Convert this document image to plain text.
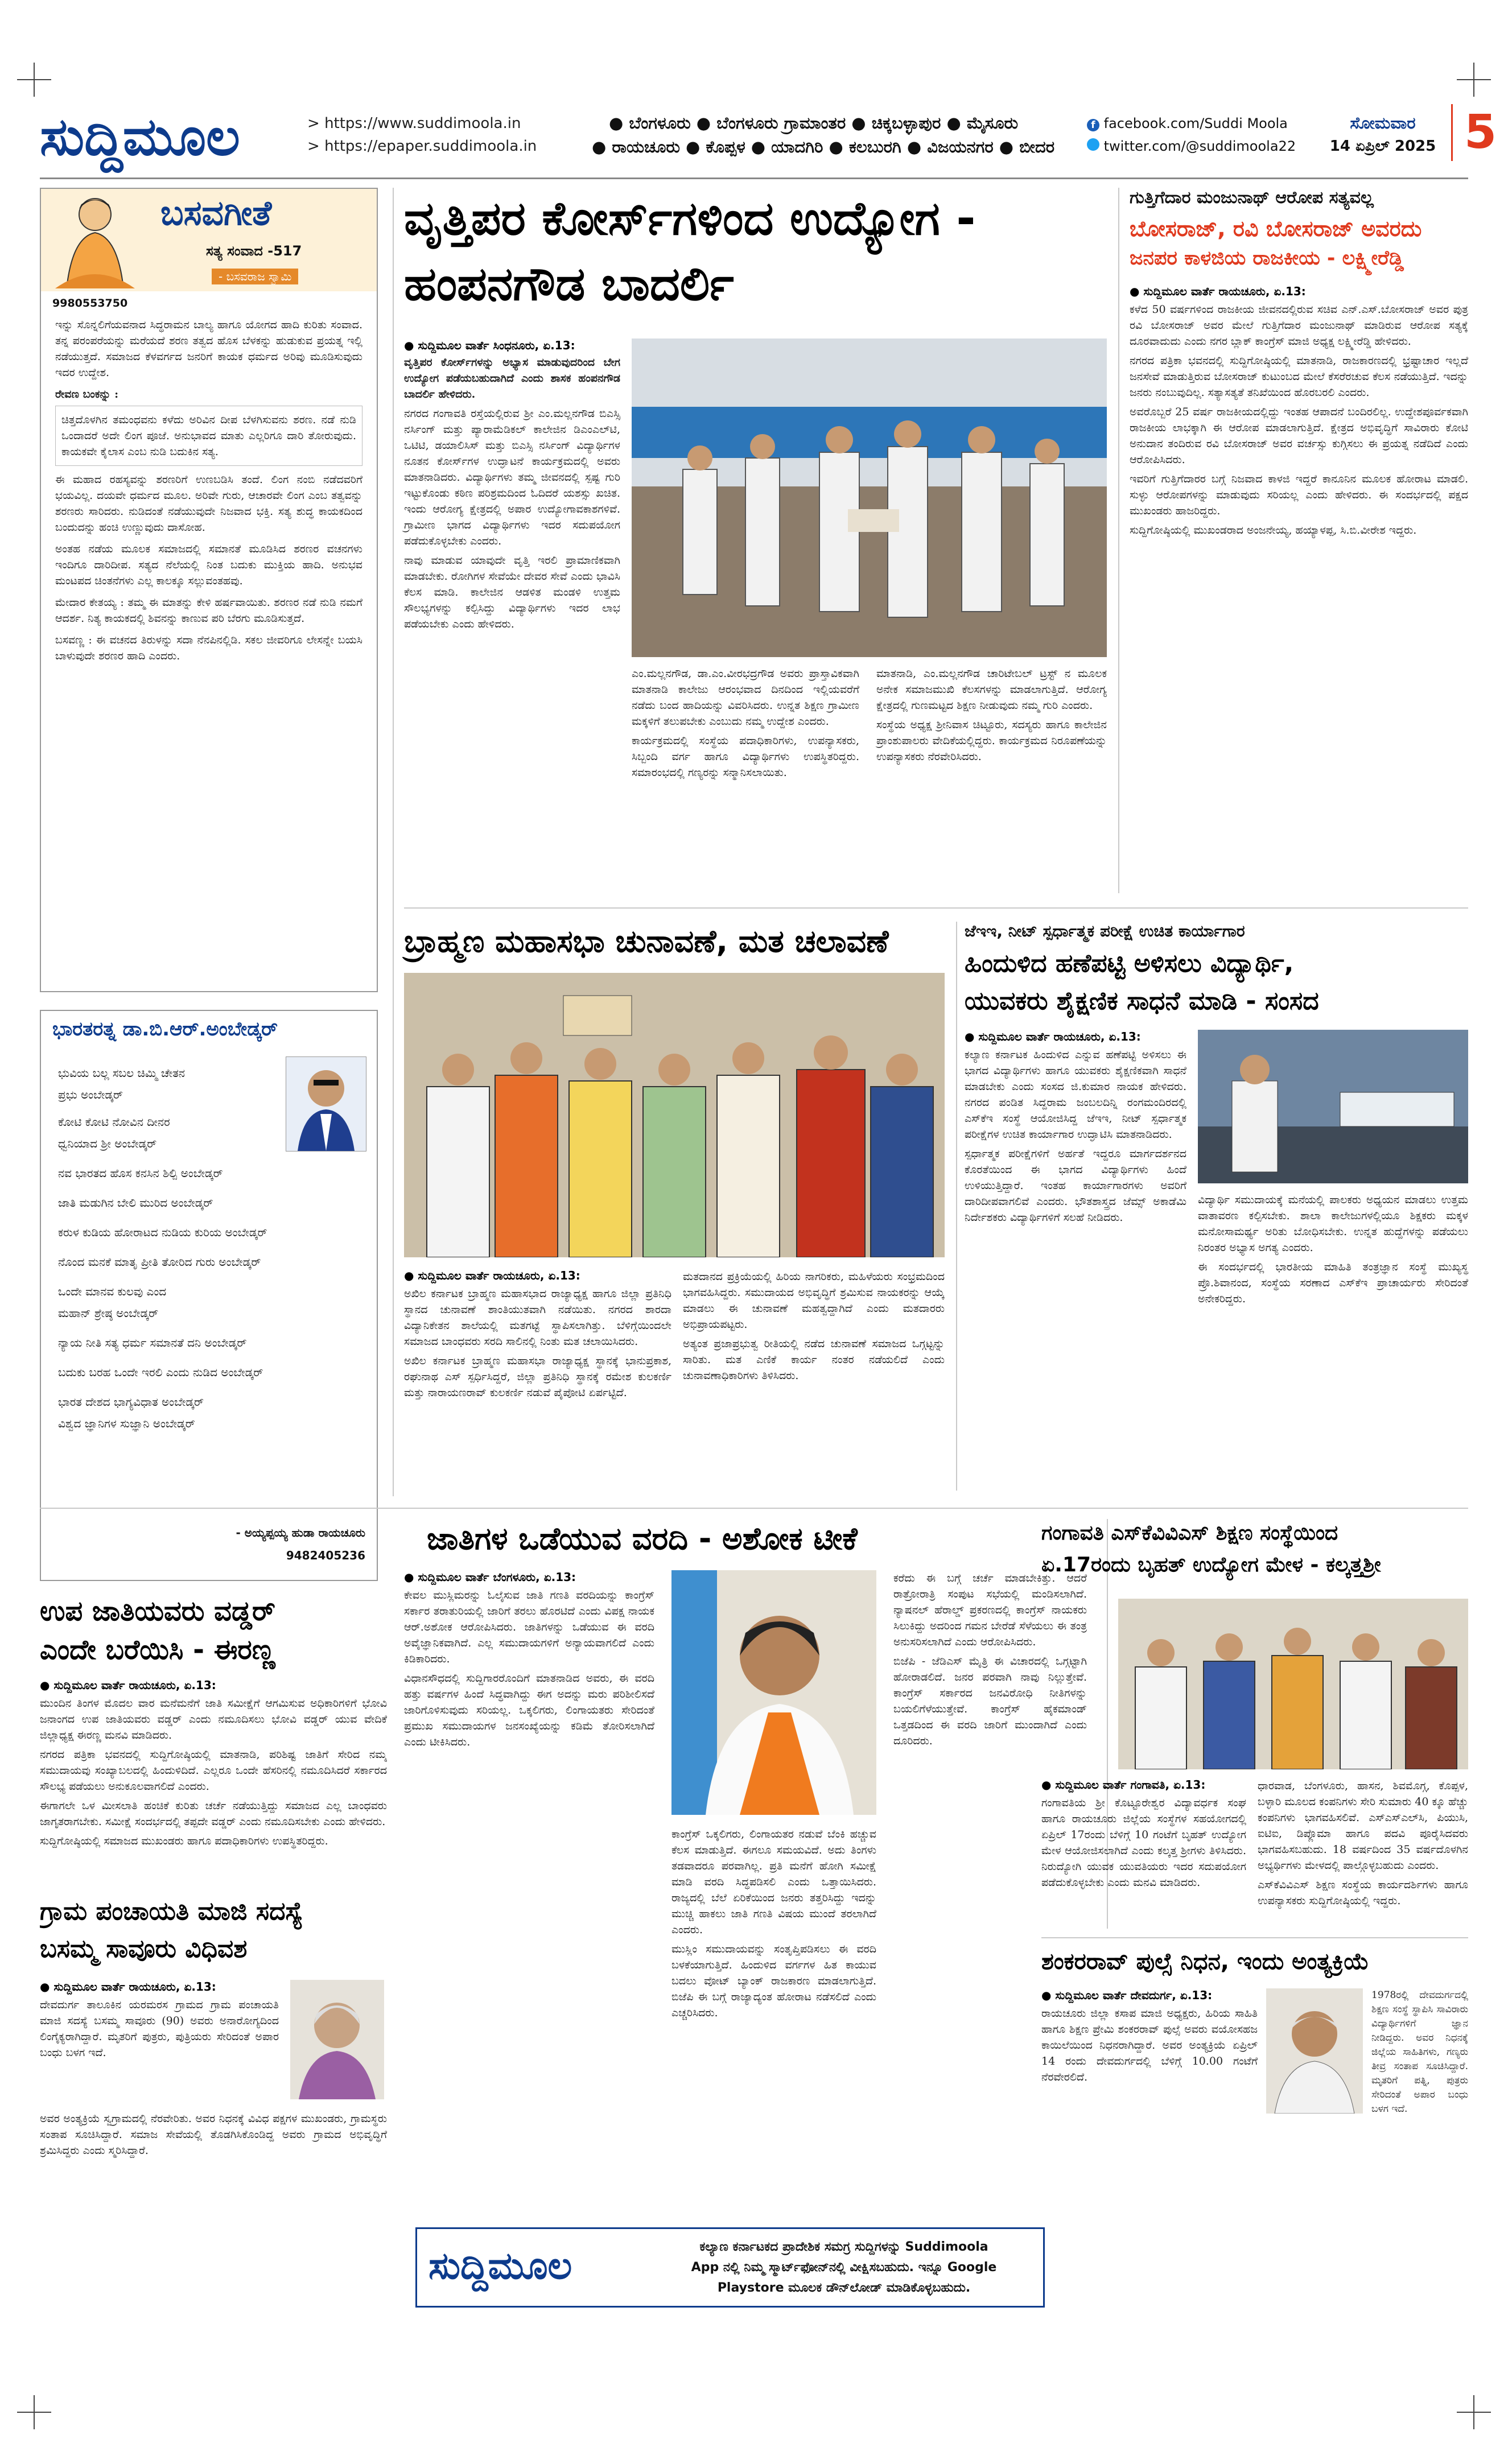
ಸುದ್ದಿಮೂಲ	> https://www.suddimoola.in
> https://epaper.suddimoola.in
● ಬೆಂಗಳೂರು ● ಬೆಂಗಳೂರು ಗ್ರಾಮಾಂತರ ● ಚಿಕ್ಕಬಳ್ಳಾಪುರ ● ಮೈಸೂರು
● ರಾಯಚೂರು ● ಕೊಪ್ಪಳ ● ಯಾದಗಿರಿ ● ಕಲಬುರಗಿ ● ವಿಜಯನಗರ ● ಬೀದರ
f facebook.com/Suddi Moola
twitter.com/@suddimoola22
ಸೋಮವಾರ
14 ಏಪ್ರಿಲ್ 2025 5
ಬಸವಗೀತೆ
ಸತ್ಯ ಸಂವಾದ -517
- ಬಸವರಾಜ ಸ್ವಾಮಿ
9980553750

ಇನ್ನು ಸೊನ್ನಲಿಗೆಯವನಾದ ಸಿದ್ಧರಾಮನ ಬಾಲ್ಯ ಹಾಗೂ ಯೋಗದ ಹಾದಿ ಕುರಿತು ಸಂವಾದ. ತನ್ನ ಪರಂಪರೆಯನ್ನು ಮರೆಯದೆ ಶರಣ ತತ್ವದ ಹೊಸ ಬೆಳಕನ್ನು ಹುಡುಕುವ ಪ್ರಯತ್ನ ಇಲ್ಲಿ ನಡೆಯುತ್ತದೆ. ಸಮಾಜದ ಕೆಳವರ್ಗದ ಜನರಿಗೆ ಕಾಯಕ ಧರ್ಮದ ಅರಿವು ಮೂಡಿಸುವುದು ಇದರ ಉದ್ದೇಶ.

ರೇವಣ ಬಂಕನ್ನು :

ಚಿತ್ತದೊಳಗಿನ ತಮಂಧವನು ಕಳೆದು ಅರಿವಿನ ದೀಪ ಬೆಳಗಿಸುವನು ಶರಣ. ನಡೆ ನುಡಿ ಒಂದಾದರೆ ಅದೇ ಲಿಂಗ ಪೂಜೆ. ಅನುಭಾವದ ಮಾತು ಎಲ್ಲರಿಗೂ ದಾರಿ ತೋರುವುದು. ಕಾಯಕವೇ ಕೈಲಾಸ ಎಂಬ ನುಡಿ ಬದುಕಿನ ಸತ್ಯ.

ಈ ಮಹಾದ ರಹಸ್ಯವನ್ನು ಶರಣರಿಗೆ ಉಣಬಡಿಸಿ ತಂದೆ. ಲಿಂಗ ನಂಬಿ ನಡೆದವರಿಗೆ ಭಯವಿಲ್ಲ. ದಯವೇ ಧರ್ಮದ ಮೂಲ. ಅರಿವೇ ಗುರು, ಆಚಾರವೇ ಲಿಂಗ ಎಂಬ ತತ್ವವನ್ನು ಶರಣರು ಸಾರಿದರು. ನುಡಿದಂತೆ ನಡೆಯುವುದೇ ನಿಜವಾದ ಭಕ್ತಿ. ಸತ್ಯ ಶುದ್ಧ ಕಾಯಕದಿಂದ ಬಂದುದನ್ನು ಹಂಚಿ ಉಣ್ಣುವುದು ದಾಸೋಹ.

ಅಂತಹ ನಡೆಯ ಮೂಲಕ ಸಮಾಜದಲ್ಲಿ ಸಮಾನತೆ ಮೂಡಿಸಿದ ಶರಣರ ವಚನಗಳು ಇಂದಿಗೂ ದಾರಿದೀಪ. ಸತ್ಯದ ನೆಲೆಯಲ್ಲಿ ನಿಂತ ಬದುಕು ಮುಕ್ತಿಯ ಹಾದಿ. ಅನುಭವ ಮಂಟಪದ ಚಿಂತನೆಗಳು ಎಲ್ಲ ಕಾಲಕ್ಕೂ ಸಲ್ಲುವಂತಹವು.

ಮೇದಾರ ಕೇತಯ್ಯ : ತಮ್ಮ ಈ ಮಾತನ್ನು ಕೇಳಿ ಹರ್ಷವಾಯಿತು. ಶರಣರ ನಡೆ ನುಡಿ ನಮಗೆ ಆದರ್ಶ. ನಿತ್ಯ ಕಾಯಕದಲ್ಲಿ ಶಿವನನ್ನು ಕಾಣುವ ಪರಿ ಬೆರಗು ಮೂಡಿಸುತ್ತದೆ.

ಬಸವಣ್ಣ : ಈ ವಚನದ ತಿರುಳನ್ನು ಸದಾ ನೆನಪಿನಲ್ಲಿಡಿ. ಸಕಲ ಜೀವರಿಗೂ ಲೇಸನ್ನೇ ಬಯಸಿ ಬಾಳುವುದೇ ಶರಣರ ಹಾದಿ ಎಂದರು.

ಭಾರತರತ್ನ ಡಾ.ಬಿ.ಆರ್.ಅಂಬೇಡ್ಕರ್
ಭುವಿಯ ಬಲ್ಲ ಸಬಲ ಚಿಮ್ಮಿ ಚೇತನ
ಪ್ರಭು ಅಂಬೇಡ್ಕರ್
ಕೋಟಿ ಕೋಟಿ ನೋವಿನ ದೀನರ
ಧ್ವನಿಯಾದ ಶ್ರೀ ಅಂಬೇಡ್ಕರ್
ನವ ಭಾರತದ ಹೊಸ ಕನಸಿನ ಶಿಲ್ಪಿ ಅಂಬೇಡ್ಕರ್
ಜಾತಿ ಮಡುಗಿನ ಬೇಲಿ ಮುರಿದ ಅಂಬೇಡ್ಕರ್
ಕರುಳ ಕುಡಿಯ ಹೋರಾಟದ ನುಡಿಯ ಕುರಿಯ ಅಂಬೇಡ್ಕರ್
ನೊಂದ ಮನಕೆ ಮಾತೃ ಪ್ರೀತಿ ತೋರಿದ ಗುರು ಅಂಬೇಡ್ಕರ್
ಒಂದೇ ಮಾನವ ಕುಲವು ಎಂದ
ಮಹಾನ್ ಶ್ರೇಷ್ಠ ಅಂಬೇಡ್ಕರ್
ನ್ಯಾಯ ನೀತಿ ಸತ್ಯ ಧರ್ಮ ಸಮಾನತೆ ದನಿ ಅಂಬೇಡ್ಕರ್
ಬದುಕು ಬರಹ ಒಂದೇ ಇರಲಿ ಎಂದು ನುಡಿದ ಅಂಬೇಡ್ಕರ್
ಭಾರತ ದೇಶದ ಭಾಗ್ಯವಿಧಾತ ಅಂಬೇಡ್ಕರ್
ವಿಶ್ವದ ಜ್ಞಾನಿಗಳ ಸುಜ್ಞಾನಿ ಅಂಬೇಡ್ಕರ್
- ಅಯ್ಯಪ್ಪಯ್ಯ ಹುಡಾ ರಾಯಚೂರು
9482405236
ವೃತ್ತಿಪರ ಕೋರ್ಸ್‌ಗಳಿಂದ ಉದ್ಯೋಗ -
ಹಂಪನಗೌಡ ಬಾದರ್ಲಿ
● ಸುದ್ದಿಮೂಲ ವಾರ್ತೆ ಸಿಂಧನೂರು, ಏ.13:
ವೃತ್ತಿಪರ ಕೋರ್ಸ್‌ಗಳನ್ನು ಅಭ್ಯಾಸ ಮಾಡುವುದರಿಂದ ಬೇಗ ಉದ್ಯೋಗ ಪಡೆಯಬಹುದಾಗಿದೆ ಎಂದು ಶಾಸಕ ಹಂಪನಗೌಡ ಬಾದರ್ಲಿ ಹೇಳಿದರು.
ನಗರದ ಗಂಗಾವತಿ ರಸ್ತೆಯಲ್ಲಿರುವ ಶ್ರೀ ಎಂ.ಮಲ್ಲನಗೌಡ ಬಿಎಸ್ಸಿ ನರ್ಸಿಂಗ್ ಮತ್ತು ಪ್ಯಾರಾಮೆಡಿಕಲ್ ಕಾಲೇಜಿನ ಡಿಎಂಎಲ್‌ಟಿ, ಒಟಿಟಿ, ಡಯಾಲಿಸಿಸ್ ಮತ್ತು ಬಿಎಸ್ಸಿ ನರ್ಸಿಂಗ್ ವಿದ್ಯಾರ್ಥಿಗಳ ನೂತನ ಕೋರ್ಸ್‌ಗಳ ಉದ್ಘಾಟನೆ ಕಾರ್ಯಕ್ರಮದಲ್ಲಿ ಅವರು ಮಾತನಾಡಿದರು. ವಿದ್ಯಾರ್ಥಿಗಳು ತಮ್ಮ ಜೀವನದಲ್ಲಿ ಸ್ಪಷ್ಟ ಗುರಿ ಇಟ್ಟುಕೊಂಡು ಕಠಿಣ ಪರಿಶ್ರಮದಿಂದ ಓದಿದರೆ ಯಶಸ್ಸು ಖಚಿತ. ಇಂದು ಆರೋಗ್ಯ ಕ್ಷೇತ್ರದಲ್ಲಿ ಅಪಾರ ಉದ್ಯೋಗಾವಕಾಶಗಳಿವೆ. ಗ್ರಾಮೀಣ ಭಾಗದ ವಿದ್ಯಾರ್ಥಿಗಳು ಇದರ ಸದುಪಯೋಗ ಪಡೆದುಕೊಳ್ಳಬೇಕು ಎಂದರು.
ನಾವು ಮಾಡುವ ಯಾವುದೇ ವೃತ್ತಿ ಇರಲಿ ಪ್ರಾಮಾಣಿಕವಾಗಿ ಮಾಡಬೇಕು. ರೋಗಿಗಳ ಸೇವೆಯೇ ದೇವರ ಸೇವೆ ಎಂದು ಭಾವಿಸಿ ಕೆಲಸ ಮಾಡಿ. ಕಾಲೇಜಿನ ಆಡಳಿತ ಮಂಡಳಿ ಉತ್ತಮ ಸೌಲಭ್ಯಗಳನ್ನು ಕಲ್ಪಿಸಿದ್ದು ವಿದ್ಯಾರ್ಥಿಗಳು ಇದರ ಲಾಭ ಪಡೆಯಬೇಕು ಎಂದು ಹೇಳಿದರು.
ಎಂ.ಮಲ್ಲನಗೌಡ, ಡಾ.ಎಂ.ವೀರಭದ್ರಗೌಡ ಅವರು ಪ್ರಾಸ್ತಾವಿಕವಾಗಿ ಮಾತನಾಡಿ ಕಾಲೇಜು ಆರಂಭವಾದ ದಿನದಿಂದ ಇಲ್ಲಿಯವರೆಗೆ ನಡೆದು ಬಂದ ಹಾದಿಯನ್ನು ವಿವರಿಸಿದರು. ಉನ್ನತ ಶಿಕ್ಷಣ ಗ್ರಾಮೀಣ ಮಕ್ಕಳಿಗೆ ತಲುಪಬೇಕು ಎಂಬುದು ನಮ್ಮ ಉದ್ದೇಶ ಎಂದರು.
ಕಾರ್ಯಕ್ರಮದಲ್ಲಿ ಸಂಸ್ಥೆಯ ಪದಾಧಿಕಾರಿಗಳು, ಉಪನ್ಯಾಸಕರು, ಸಿಬ್ಬಂದಿ ವರ್ಗ ಹಾಗೂ ವಿದ್ಯಾರ್ಥಿಗಳು ಉಪಸ್ಥಿತರಿದ್ದರು. ಸಮಾರಂಭದಲ್ಲಿ ಗಣ್ಯರನ್ನು ಸನ್ಮಾನಿಸಲಾಯಿತು.
ಮಾತನಾಡಿ, ಎಂ.ಮಲ್ಲನಗೌಡ ಚಾರಿಟೇಬಲ್ ಟ್ರಸ್ಟ್ ನ ಮೂಲಕ ಅನೇಕ ಸಮಾಜಮುಖಿ ಕೆಲಸಗಳನ್ನು ಮಾಡಲಾಗುತ್ತಿದೆ. ಆರೋಗ್ಯ ಕ್ಷೇತ್ರದಲ್ಲಿ ಗುಣಮಟ್ಟದ ಶಿಕ್ಷಣ ನೀಡುವುದು ನಮ್ಮ ಗುರಿ ಎಂದರು.
ಸಂಸ್ಥೆಯ ಅಧ್ಯಕ್ಷ ಶ್ರೀನಿವಾಸ ಚಿಟ್ಟೂರು, ಸದಸ್ಯರು ಹಾಗೂ ಕಾಲೇಜಿನ ಪ್ರಾಂಶುಪಾಲರು ವೇದಿಕೆಯಲ್ಲಿದ್ದರು. ಕಾರ್ಯಕ್ರಮದ ನಿರೂಪಣೆಯನ್ನು ಉಪನ್ಯಾಸಕರು ನೆರವೇರಿಸಿದರು.
ಗುತ್ತಿಗೆದಾರ ಮಂಜುನಾಥ್ ಆರೋಪ ಸತ್ಯವಲ್ಲ
ಬೋಸರಾಜ್, ರವಿ ಬೋಸರಾಜ್ ಅವರದು
ಜನಪರ ಕಾಳಜಿಯ ರಾಜಕೀಯ - ಲಕ್ಷ್ಮೀರೆಡ್ಡಿ
● ಸುದ್ದಿಮೂಲ ವಾರ್ತೆ ರಾಯಚೂರು, ಏ.13:
ಕಳೆದ 50 ವರ್ಷಗಳಿಂದ ರಾಜಕೀಯ ಜೀವನದಲ್ಲಿರುವ ಸಚಿವ ಎನ್.ಎಸ್.ಬೋಸರಾಜ್ ಅವರ ಪುತ್ರ ರವಿ ಬೋಸರಾಜ್ ಅವರ ಮೇಲೆ ಗುತ್ತಿಗೆದಾರ ಮಂಜುನಾಥ್ ಮಾಡಿರುವ ಆರೋಪ ಸತ್ಯಕ್ಕೆ ದೂರವಾದುದು ಎಂದು ನಗರ ಬ್ಲಾಕ್ ಕಾಂಗ್ರೆಸ್ ಮಾಜಿ ಅಧ್ಯಕ್ಷ ಲಕ್ಷ್ಮೀರೆಡ್ಡಿ ಹೇಳಿದರು.
ನಗರದ ಪತ್ರಿಕಾ ಭವನದಲ್ಲಿ ಸುದ್ದಿಗೋಷ್ಠಿಯಲ್ಲಿ ಮಾತನಾಡಿ, ರಾಜಕಾರಣದಲ್ಲಿ ಭ್ರಷ್ಟಾಚಾರ ಇಲ್ಲದೆ ಜನಸೇವೆ ಮಾಡುತ್ತಿರುವ ಬೋಸರಾಜ್ ಕುಟುಂಬದ ಮೇಲೆ ಕೆಸರೆರಚುವ ಕೆಲಸ ನಡೆಯುತ್ತಿದೆ. ಇದನ್ನು ಜನರು ನಂಬುವುದಿಲ್ಲ. ಸತ್ಯಾಸತ್ಯತೆ ತನಿಖೆಯಿಂದ ಹೊರಬರಲಿ ಎಂದರು.
ಅವರೊಬ್ಬರೆ 25 ವರ್ಷ ರಾಜಕೀಯದಲ್ಲಿದ್ದು ಇಂತಹ ಆಪಾದನೆ ಬಂದಿರಲಿಲ್ಲ. ಉದ್ದೇಶಪೂರ್ವಕವಾಗಿ ರಾಜಕೀಯ ಲಾಭಕ್ಕಾಗಿ ಈ ಆರೋಪ ಮಾಡಲಾಗುತ್ತಿದೆ. ಕ್ಷೇತ್ರದ ಅಭಿವೃದ್ಧಿಗೆ ಸಾವಿರಾರು ಕೋಟಿ ಅನುದಾನ ತಂದಿರುವ ರವಿ ಬೋಸರಾಜ್ ಅವರ ವರ್ಚಸ್ಸು ಕುಗ್ಗಿಸಲು ಈ ಪ್ರಯತ್ನ ನಡೆದಿದೆ ಎಂದು ಆರೋಪಿಸಿದರು.
ಇವರಿಗೆ ಗುತ್ತಿಗೆದಾರರ ಬಗ್ಗೆ ನಿಜವಾದ ಕಾಳಜಿ ಇದ್ದರೆ ಕಾನೂನಿನ ಮೂಲಕ ಹೋರಾಟ ಮಾಡಲಿ. ಸುಳ್ಳು ಆರೋಪಗಳನ್ನು ಮಾಡುವುದು ಸರಿಯಲ್ಲ ಎಂದು ಹೇಳಿದರು. ಈ ಸಂದರ್ಭದಲ್ಲಿ ಪಕ್ಷದ ಮುಖಂಡರು ಹಾಜರಿದ್ದರು.
ಸುದ್ದಿಗೋಷ್ಠಿಯಲ್ಲಿ ಮುಖಂಡರಾದ ಅಂಜನೇಯ್ಯ, ಹಯ್ಯಾಳಪ್ಪ, ಸಿ.ಬಿ.ವೀರೇಶ ಇದ್ದರು.
ಬ್ರಾಹ್ಮಣ ಮಹಾಸಭಾ ಚುನಾವಣೆ, ಮತ ಚಲಾವಣೆ
● ಸುದ್ದಿಮೂಲ ವಾರ್ತೆ ರಾಯಚೂರು, ಏ.13:
ಅಖಿಲ ಕರ್ನಾಟಕ ಬ್ರಾಹ್ಮಣ ಮಹಾಸಭಾದ ರಾಜ್ಯಾಧ್ಯಕ್ಷ ಹಾಗೂ ಜಿಲ್ಲಾ ಪ್ರತಿನಿಧಿ ಸ್ಥಾನದ ಚುನಾವಣೆ ಶಾಂತಿಯುತವಾಗಿ ನಡೆಯಿತು. ನಗರದ ಶಾರದಾ ವಿದ್ಯಾನಿಕೇತನ ಶಾಲೆಯಲ್ಲಿ ಮತಗಟ್ಟೆ ಸ್ಥಾಪಿಸಲಾಗಿತ್ತು. ಬೆಳಿಗ್ಗೆಯಿಂದಲೇ ಸಮಾಜದ ಬಾಂಧವರು ಸರದಿ ಸಾಲಿನಲ್ಲಿ ನಿಂತು ಮತ ಚಲಾಯಿಸಿದರು.
ಅಖಿಲ ಕರ್ನಾಟಕ ಬ್ರಾಹ್ಮಣ ಮಹಾಸಭಾ ರಾಜ್ಯಾಧ್ಯಕ್ಷ ಸ್ಥಾನಕ್ಕೆ ಭಾನುಪ್ರಕಾಶ, ರಘುನಾಥ ಎಸ್ ಸ್ಪರ್ಧಿಸಿದ್ದರೆ, ಜಿಲ್ಲಾ ಪ್ರತಿನಿಧಿ ಸ್ಥಾನಕ್ಕೆ ರಮೇಶ ಕುಲಕರ್ಣಿ ಮತ್ತು ನಾರಾಯಣರಾವ್ ಕುಲಕರ್ಣಿ ನಡುವೆ ಪೈಪೋಟಿ ಏರ್ಪಟ್ಟಿದೆ.
ಮತದಾನದ ಪ್ರಕ್ರಿಯೆಯಲ್ಲಿ ಹಿರಿಯ ನಾಗರಿಕರು, ಮಹಿಳೆಯರು ಸಂಭ್ರಮದಿಂದ ಭಾಗವಹಿಸಿದ್ದರು. ಸಮುದಾಯದ ಅಭಿವೃದ್ಧಿಗೆ ಶ್ರಮಿಸುವ ನಾಯಕರನ್ನು ಆಯ್ಕೆ ಮಾಡಲು ಈ ಚುನಾವಣೆ ಮಹತ್ವದ್ದಾಗಿದೆ ಎಂದು ಮತದಾರರು ಅಭಿಪ್ರಾಯಪಟ್ಟರು.
ಅತ್ಯಂತ ಪ್ರಜಾಪ್ರಭುತ್ವ ರೀತಿಯಲ್ಲಿ ನಡೆದ ಚುನಾವಣೆ ಸಮಾಜದ ಒಗ್ಗಟ್ಟನ್ನು ಸಾರಿತು. ಮತ ಎಣಿಕೆ ಕಾರ್ಯ ನಂತರ ನಡೆಯಲಿದೆ ಎಂದು ಚುನಾವಣಾಧಿಕಾರಿಗಳು ತಿಳಿಸಿದರು.
ಜೆಇಇ, ನೀಟ್ ಸ್ಪರ್ಧಾತ್ಮಕ ಪರೀಕ್ಷೆ ಉಚಿತ ಕಾರ್ಯಾಗಾರ
ಹಿಂದುಳಿದ ಹಣೆಪಟ್ಟಿ ಅಳಿಸಲು ವಿದ್ಯಾರ್ಥಿ,
ಯುವಕರು ಶೈಕ್ಷಣಿಕ ಸಾಧನೆ ಮಾಡಿ - ಸಂಸದ
● ಸುದ್ದಿಮೂಲ ವಾರ್ತೆ ರಾಯಚೂರು, ಏ.13:
ಕಲ್ಯಾಣ ಕರ್ನಾಟಕ ಹಿಂದುಳಿದ ಎನ್ನುವ ಹಣೆಪಟ್ಟಿ ಅಳಿಸಲು ಈ ಭಾಗದ ವಿದ್ಯಾರ್ಥಿಗಳು ಹಾಗೂ ಯುವಕರು ಶೈಕ್ಷಣಿಕವಾಗಿ ಸಾಧನೆ ಮಾಡಬೇಕು ಎಂದು ಸಂಸದ ಜಿ.ಕುಮಾರ ನಾಯಕ ಹೇಳಿದರು. ನಗರದ ಪಂಡಿತ ಸಿದ್ದರಾಮ ಜಂಬಲದಿನ್ನಿ ರಂಗಮಂದಿರದಲ್ಲಿ ಎಸ್‌ಕೆಇ ಸಂಸ್ಥೆ ಆಯೋಜಿಸಿದ್ದ ಜೆಇಇ, ನೀಟ್ ಸ್ಪರ್ಧಾತ್ಮಕ ಪರೀಕ್ಷೆಗಳ ಉಚಿತ ಕಾರ್ಯಾಗಾರ ಉದ್ಘಾಟಿಸಿ ಮಾತನಾಡಿದರು.
ಸ್ಪರ್ಧಾತ್ಮಕ ಪರೀಕ್ಷೆಗಳಿಗೆ ಅರ್ಹತೆ ಇದ್ದರೂ ಮಾರ್ಗದರ್ಶನದ ಕೊರತೆಯಿಂದ ಈ ಭಾಗದ ವಿದ್ಯಾರ್ಥಿಗಳು ಹಿಂದೆ ಉಳಿಯುತ್ತಿದ್ದಾರೆ. ಇಂತಹ ಕಾರ್ಯಾಗಾರಗಳು ಅವರಿಗೆ ದಾರಿದೀಪವಾಗಲಿವೆ ಎಂದರು. ಭೌತಶಾಸ್ತ್ರದ ಜೆಮ್ಸ್ ಅಕಾಡೆಮಿ ನಿರ್ದೇಶಕರು ವಿದ್ಯಾರ್ಥಿಗಳಿಗೆ ಸಲಹೆ ನೀಡಿದರು.
ವಿದ್ಯಾರ್ಥಿ ಸಮುದಾಯಕ್ಕೆ ಮನೆಯಲ್ಲಿ ಪಾಲಕರು ಅಧ್ಯಯನ ಮಾಡಲು ಉತ್ತಮ ವಾತಾವರಣ ಕಲ್ಪಿಸಬೇಕು. ಶಾಲಾ ಕಾಲೇಜುಗಳಲ್ಲಿಯೂ ಶಿಕ್ಷಕರು ಮಕ್ಕಳ ಮನೋಸಾಮರ್ಥ್ಯ ಅರಿತು ಬೋಧಿಸಬೇಕು. ಉನ್ನತ ಹುದ್ದೆಗಳನ್ನು ಪಡೆಯಲು ನಿರಂತರ ಅಭ್ಯಾಸ ಅಗತ್ಯ ಎಂದರು.
ಈ ಸಂದರ್ಭದಲ್ಲಿ ಭಾರತೀಯ ಮಾಹಿತಿ ತಂತ್ರಜ್ಞಾನ ಸಂಸ್ಥೆ ಮುಖ್ಯಸ್ಥ ಪ್ರೊ.ಶಿವಾನಂದ, ಸಂಸ್ಥೆಯ ಸರಣಾದ ಎಸ್‌ಕೆಇ ಪ್ರಾಚಾರ್ಯರು ಸೇರಿದಂತೆ ಅನೇಕರಿದ್ದರು.
ಜಾತಿಗಳ ಒಡೆಯುವ ವರದಿ - ಅಶೋಕ ಟೀಕೆ
● ಸುದ್ದಿಮೂಲ ವಾರ್ತೆ ಬೆಂಗಳೂರು, ಏ.13:
ಕೇವಲ ಮುಸ್ಲಿಮರನ್ನು ಓಲೈಸುವ ಜಾತಿ ಗಣತಿ ವರದಿಯನ್ನು ಕಾಂಗ್ರೆಸ್ ಸರ್ಕಾರ ತರಾತುರಿಯಲ್ಲಿ ಜಾರಿಗೆ ತರಲು ಹೊರಟಿದೆ ಎಂದು ವಿಪಕ್ಷ ನಾಯಕ ಆರ್.ಅಶೋಕ ಆರೋಪಿಸಿದರು. ಜಾತಿಗಳನ್ನು ಒಡೆಯುವ ಈ ವರದಿ ಅವೈಜ್ಞಾನಿಕವಾಗಿದೆ. ಎಲ್ಲ ಸಮುದಾಯಗಳಿಗೆ ಅನ್ಯಾಯವಾಗಲಿದೆ ಎಂದು ಕಿಡಿಕಾರಿದರು.
ವಿಧಾನಸೌಧದಲ್ಲಿ ಸುದ್ದಿಗಾರರೊಂದಿಗೆ ಮಾತನಾಡಿದ ಅವರು, ಈ ವರದಿ ಹತ್ತು ವರ್ಷಗಳ ಹಿಂದೆ ಸಿದ್ಧವಾಗಿದ್ದು ಈಗ ಅದನ್ನು ಮರು ಪರಿಶೀಲಿಸದೆ ಜಾರಿಗೊಳಿಸುವುದು ಸರಿಯಲ್ಲ. ಒಕ್ಕಲಿಗರು, ಲಿಂಗಾಯತರು ಸೇರಿದಂತೆ ಪ್ರಮುಖ ಸಮುದಾಯಗಳ ಜನಸಂಖ್ಯೆಯನ್ನು ಕಡಿಮೆ ತೋರಿಸಲಾಗಿದೆ ಎಂದು ಟೀಕಿಸಿದರು.
ಕಾಂಗ್ರೆಸ್ ಒಕ್ಕಲಿಗರು, ಲಿಂಗಾಯತರ ನಡುವೆ ಬೆಂಕಿ ಹಚ್ಚುವ ಕೆಲಸ ಮಾಡುತ್ತಿದೆ. ಈಗಲೂ ಸಮಯವಿದೆ. ಅದು ತಿಂಗಳು ತಡವಾದರೂ ಪರವಾಗಿಲ್ಲ. ಪ್ರತಿ ಮನೆಗೆ ಹೋಗಿ ಸಮೀಕ್ಷೆ ಮಾಡಿ ವರದಿ ಸಿದ್ಧಪಡಿಸಲಿ ಎಂದು ಒತ್ತಾಯಿಸಿದರು. ರಾಜ್ಯದಲ್ಲಿ ಬೆಲೆ ಏರಿಕೆಯಿಂದ ಜನರು ತತ್ತರಿಸಿದ್ದು ಇದನ್ನು ಮುಚ್ಚಿ ಹಾಕಲು ಜಾತಿ ಗಣತಿ ವಿಷಯ ಮುಂದೆ ತರಲಾಗಿದೆ ಎಂದರು.
ಮುಸ್ಲಿಂ ಸಮುದಾಯವನ್ನು ಸಂತೃಪ್ತಿಪಡಿಸಲು ಈ ವರದಿ ಬಳಕೆಯಾಗುತ್ತಿದೆ. ಹಿಂದುಳಿದ ವರ್ಗಗಳ ಹಿತ ಕಾಯುವ ಬದಲು ವೋಟ್ ಬ್ಯಾಂಕ್ ರಾಜಕಾರಣ ಮಾಡಲಾಗುತ್ತಿದೆ. ಬಿಜೆಪಿ ಈ ಬಗ್ಗೆ ರಾಜ್ಯಾದ್ಯಂತ ಹೋರಾಟ ನಡೆಸಲಿದೆ ಎಂದು ಎಚ್ಚರಿಸಿದರು.
ಕರೆದು ಈ ಬಗ್ಗೆ ಚರ್ಚೆ ಮಾಡಬೇಕಿತ್ತು. ಆದರೆ ರಾತ್ರೋರಾತ್ರಿ ಸಂಪುಟ ಸಭೆಯಲ್ಲಿ ಮಂಡಿಸಲಾಗಿದೆ. ನ್ಯಾಷನಲ್ ಹೆರಾಲ್ಡ್ ಪ್ರಕರಣದಲ್ಲಿ ಕಾಂಗ್ರೆಸ್ ನಾಯಕರು ಸಿಲುಕಿದ್ದು ಅದರಿಂದ ಗಮನ ಬೇರೆಡೆ ಸೆಳೆಯಲು ಈ ತಂತ್ರ ಅನುಸರಿಸಲಾಗಿದೆ ಎಂದು ಆರೋಪಿಸಿದರು.
ಬಿಜೆಪಿ - ಜೆಡಿಎಸ್ ಮೈತ್ರಿ ಈ ವಿಚಾರದಲ್ಲಿ ಒಗ್ಗಟ್ಟಾಗಿ ಹೋರಾಡಲಿದೆ. ಜನರ ಪರವಾಗಿ ನಾವು ನಿಲ್ಲುತ್ತೇವೆ. ಕಾಂಗ್ರೆಸ್ ಸರ್ಕಾರದ ಜನವಿರೋಧಿ ನೀತಿಗಳನ್ನು ಬಯಲಿಗೆಳೆಯುತ್ತೇವೆ. ಕಾಂಗ್ರೆಸ್ ಹೈಕಮಾಂಡ್ ಒತ್ತಡದಿಂದ ಈ ವರದಿ ಜಾರಿಗೆ ಮುಂದಾಗಿದೆ ಎಂದು ದೂರಿದರು.
ಗಂಗಾವತಿ ಎಸ್‌ಕೆವಿವಿಎಸ್ ಶಿಕ್ಷಣ ಸಂಸ್ಥೆಯಿಂದ
ಏ.17ರಂದು ಬೃಹತ್ ಉದ್ಯೋಗ ಮೇಳ - ಕಲ್ಕತ್ತಶ್ರೀ
● ಸುದ್ದಿಮೂಲ ವಾರ್ತೆ ಗಂಗಾವತಿ, ಏ.13:
ಗಂಗಾವತಿಯ ಶ್ರೀ ಕೊಟ್ಟೂರೇಶ್ವರ ವಿದ್ಯಾವರ್ಧಕ ಸಂಘ ಹಾಗೂ ರಾಯಚೂರು ಜಿಲ್ಲೆಯ ಸಂಸ್ಥೆಗಳ ಸಹಯೋಗದಲ್ಲಿ ಏಪ್ರಿಲ್ 17ರಂದು ಬೆಳಿಗ್ಗೆ 10 ಗಂಟೆಗೆ ಬೃಹತ್ ಉದ್ಯೋಗ ಮೇಳ ಆಯೋಜಿಸಲಾಗಿದೆ ಎಂದು ಕಲ್ಕತ್ತ ಶ್ರೀಗಳು ತಿಳಿಸಿದರು. ನಿರುದ್ಯೋಗಿ ಯುವಕ ಯುವತಿಯರು ಇದರ ಸದುಪಯೋಗ ಪಡೆದುಕೊಳ್ಳಬೇಕು ಎಂದು ಮನವಿ ಮಾಡಿದರು.
ಧಾರವಾಡ, ಬೆಂಗಳೂರು, ಹಾಸನ, ಶಿವಮೊಗ್ಗ, ಕೊಪ್ಪಳ, ಬಳ್ಳಾರಿ ಮೂಲದ ಕಂಪನಿಗಳು ಸೇರಿ ಸುಮಾರು 40 ಕ್ಕೂ ಹೆಚ್ಚು ಕಂಪನಿಗಳು ಭಾಗವಹಿಸಲಿವೆ. ಎಸ್‌ಎಸ್‌ಎಲ್‌ಸಿ, ಪಿಯುಸಿ, ಐಟಿಐ, ಡಿಪ್ಲೊಮಾ ಹಾಗೂ ಪದವಿ ಪೂರೈಸಿದವರು ಭಾಗವಹಿಸಬಹುದು. 18 ವರ್ಷದಿಂದ 35 ವರ್ಷದೊಳಗಿನ ಅಭ್ಯರ್ಥಿಗಳು ಮೇಳದಲ್ಲಿ ಪಾಲ್ಗೊಳ್ಳಬಹುದು ಎಂದರು.
ಎಸ್‌ಕೆವಿವಿಎಸ್ ಶಿಕ್ಷಣ ಸಂಸ್ಥೆಯ ಕಾರ್ಯದರ್ಶಿಗಳು ಹಾಗೂ ಉಪನ್ಯಾಸಕರು ಸುದ್ದಿಗೋಷ್ಠಿಯಲ್ಲಿ ಇದ್ದರು.
ಉಪ ಜಾತಿಯವರು ವಡ್ಡರ್
ಎಂದೇ ಬರೆಯಿಸಿ - ಈರಣ್ಣ
● ಸುದ್ದಿಮೂಲ ವಾರ್ತೆ ರಾಯಚೂರು, ಏ.13:
ಮುಂದಿನ ತಿಂಗಳ ಮೊದಲ ವಾರ ಮನೆಮನೆಗೆ ಜಾತಿ ಸಮೀಕ್ಷೆಗೆ ಆಗಮಿಸುವ ಅಧಿಕಾರಿಗಳಿಗೆ ಭೋವಿ ಜನಾಂಗದ ಉಪ ಜಾತಿಯವರು ವಡ್ಡರ್ ಎಂದು ನಮೂದಿಸಲು ಭೋವಿ ವಡ್ಡರ್ ಯುವ ವೇದಿಕೆ ಜಿಲ್ಲಾಧ್ಯಕ್ಷ ಈರಣ್ಣ ಮನವಿ ಮಾಡಿದರು.
ನಗರದ ಪತ್ರಿಕಾ ಭವನದಲ್ಲಿ ಸುದ್ದಿಗೋಷ್ಠಿಯಲ್ಲಿ ಮಾತನಾಡಿ, ಪರಿಶಿಷ್ಟ ಜಾತಿಗೆ ಸೇರಿದ ನಮ್ಮ ಸಮುದಾಯವು ಸಂಖ್ಯಾಬಲದಲ್ಲಿ ಹಿಂದುಳಿದಿದೆ. ಎಲ್ಲರೂ ಒಂದೇ ಹೆಸರಿನಲ್ಲಿ ನಮೂದಿಸಿದರೆ ಸರ್ಕಾರದ ಸೌಲಭ್ಯ ಪಡೆಯಲು ಅನುಕೂಲವಾಗಲಿದೆ ಎಂದರು.
ಈಗಾಗಲೇ ಒಳ ಮೀಸಲಾತಿ ಹಂಚಿಕೆ ಕುರಿತು ಚರ್ಚೆ ನಡೆಯುತ್ತಿದ್ದು ಸಮಾಜದ ಎಲ್ಲ ಬಾಂಧವರು ಜಾಗೃತರಾಗಬೇಕು. ಸಮೀಕ್ಷೆ ಸಂದರ್ಭದಲ್ಲಿ ತಪ್ಪದೇ ವಡ್ಡರ್ ಎಂದು ನಮೂದಿಸಬೇಕು ಎಂದು ಹೇಳಿದರು.
ಸುದ್ದಿಗೋಷ್ಠಿಯಲ್ಲಿ ಸಮಾಜದ ಮುಖಂಡರು ಹಾಗೂ ಪದಾಧಿಕಾರಿಗಳು ಉಪಸ್ಥಿತರಿದ್ದರು.
ಗ್ರಾಮ ಪಂಚಾಯತಿ ಮಾಜಿ ಸದಸ್ಯೆ
ಬಸಮ್ಮ ಸಾವೂರು ವಿಧಿವಶ
● ಸುದ್ದಿಮೂಲ ವಾರ್ತೆ ರಾಯಚೂರು, ಏ.13:
ದೇವದುರ್ಗ ತಾಲೂಕಿನ ಯರಮರಸ ಗ್ರಾಮದ ಗ್ರಾಮ ಪಂಚಾಯತಿ ಮಾಜಿ ಸದಸ್ಯೆ ಬಸಮ್ಮ ಸಾವೂರು (90) ಅವರು ಅನಾರೋಗ್ಯದಿಂದ ಲಿಂಗೈಕ್ಯರಾಗಿದ್ದಾರೆ. ಮೃತರಿಗೆ ಪುತ್ರರು, ಪುತ್ರಿಯರು ಸೇರಿದಂತೆ ಅಪಾರ ಬಂಧು ಬಳಗ ಇದೆ.
ಅವರ ಅಂತ್ಯಕ್ರಿಯೆ ಸ್ವಗ್ರಾಮದಲ್ಲಿ ನೆರವೇರಿತು. ಅವರ ನಿಧನಕ್ಕೆ ವಿವಿಧ ಪಕ್ಷಗಳ ಮುಖಂಡರು, ಗ್ರಾಮಸ್ಥರು ಸಂತಾಪ ಸೂಚಿಸಿದ್ದಾರೆ. ಸಮಾಜ ಸೇವೆಯಲ್ಲಿ ತೊಡಗಿಸಿಕೊಂಡಿದ್ದ ಅವರು ಗ್ರಾಮದ ಅಭಿವೃದ್ಧಿಗೆ ಶ್ರಮಿಸಿದ್ದರು ಎಂದು ಸ್ಮರಿಸಿದ್ದಾರೆ.
ಶಂಕರರಾವ್ ಪುಲ್ಸೆ ನಿಧನ, ಇಂದು ಅಂತ್ಯಕ್ರಿಯೆ
● ಸುದ್ದಿಮೂಲ ವಾರ್ತೆ ದೇವದುರ್ಗ, ಏ.13:
ರಾಯಚೂರು ಜಿಲ್ಲಾ ಕಸಾಪ ಮಾಜಿ ಅಧ್ಯಕ್ಷರು, ಹಿರಿಯ ಸಾಹಿತಿ ಹಾಗೂ ಶಿಕ್ಷಣ ಪ್ರೇಮಿ ಶಂಕರರಾವ್ ಪುಲ್ಸೆ ಅವರು ವಯೋಸಹಜ ಕಾಯಿಲೆಯಿಂದ ನಿಧನರಾಗಿದ್ದಾರೆ. ಅವರ ಅಂತ್ಯಕ್ರಿಯೆ ಏಪ್ರಿಲ್ 14 ರಂದು ದೇವದುರ್ಗದಲ್ಲಿ ಬೆಳಿಗ್ಗೆ 10.00 ಗಂಟೆಗೆ ನೆರವೇರಲಿದೆ.
1978ರಲ್ಲಿ ದೇವದುರ್ಗದಲ್ಲಿ ಶಿಕ್ಷಣ ಸಂಸ್ಥೆ ಸ್ಥಾಪಿಸಿ ಸಾವಿರಾರು ವಿದ್ಯಾರ್ಥಿಗಳಿಗೆ ಜ್ಞಾನ ನೀಡಿದ್ದರು. ಅವರ ನಿಧನಕ್ಕೆ ಜಿಲ್ಲೆಯ ಸಾಹಿತಿಗಳು, ಗಣ್ಯರು ತೀವ್ರ ಸಂತಾಪ ಸೂಚಿಸಿದ್ದಾರೆ. ಮೃತರಿಗೆ ಪತ್ನಿ, ಪುತ್ರರು ಸೇರಿದಂತೆ ಅಪಾರ ಬಂಧು ಬಳಗ ಇದೆ.
ಸುದ್ದಿಮೂಲ	ಕಲ್ಯಾಣ ಕರ್ನಾಟಕದ ಪ್ರಾದೇಶಿಕ ಸಮಗ್ರ ಸುದ್ದಿಗಳನ್ನು Suddimoola
App ನಲ್ಲಿ ನಿಮ್ಮ ಸ್ಮಾರ್ಟ್‌ಫೋನ್‌ನಲ್ಲಿ ವೀಕ್ಷಿಸಬಹುದು. ಇನ್ನೂ Google
Playstore ಮೂಲಕ ಡೌನ್‌ಲೋಡ್ ಮಾಡಿಕೊಳ್ಳಬಹುದು.
